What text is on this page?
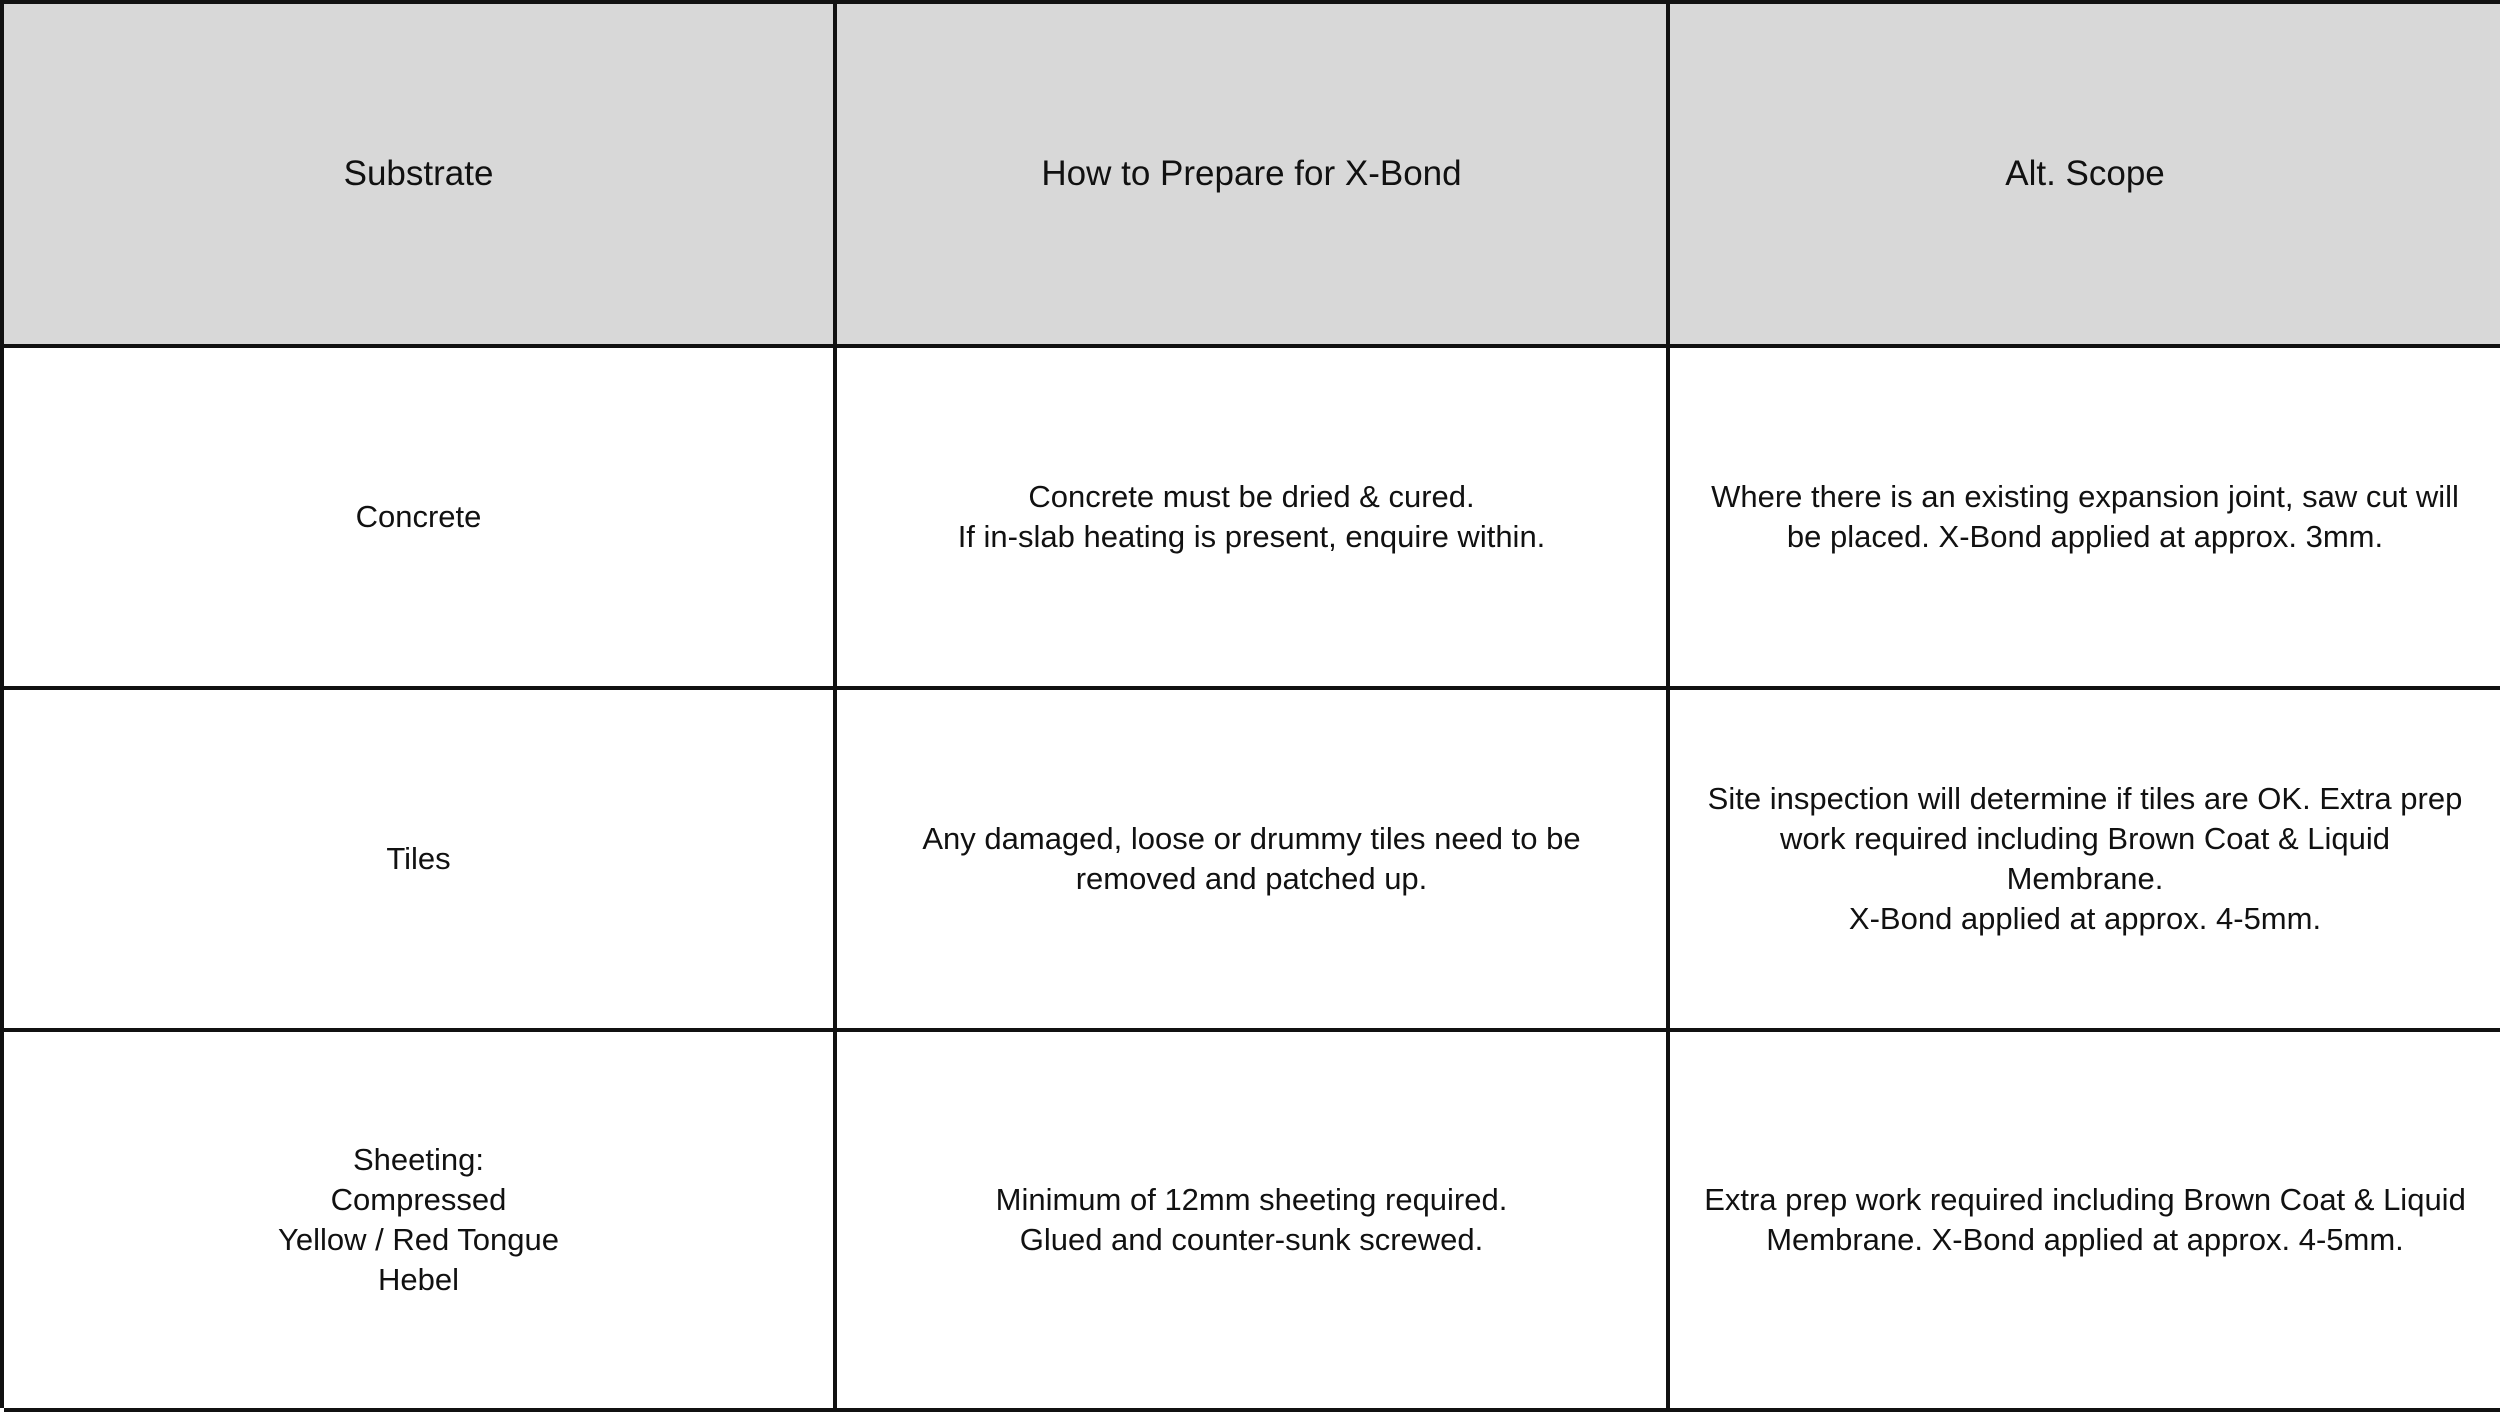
Substrate	How to Prepare for X-Bond	Alt. Scope
Concrete
Concrete must be dried & cured.
If in-slab heating is present, enquire within.
Where there is an existing expansion joint, saw cut will be placed. X-Bond applied at approx. 3mm.
Tiles
Any damaged, loose or drummy tiles need to be removed and patched up.
Site inspection will determine if tiles are OK. Extra prep work required including Brown Coat & Liquid Membrane.
X-Bond applied at approx. 4-5mm.
Sheeting:
Compressed
Yellow / Red Tongue
Hebel
Minimum of 12mm sheeting required.
Glued and counter-sunk screwed.
Extra prep work required including Brown Coat & Liquid Membrane. X-Bond applied at approx. 4-5mm.
